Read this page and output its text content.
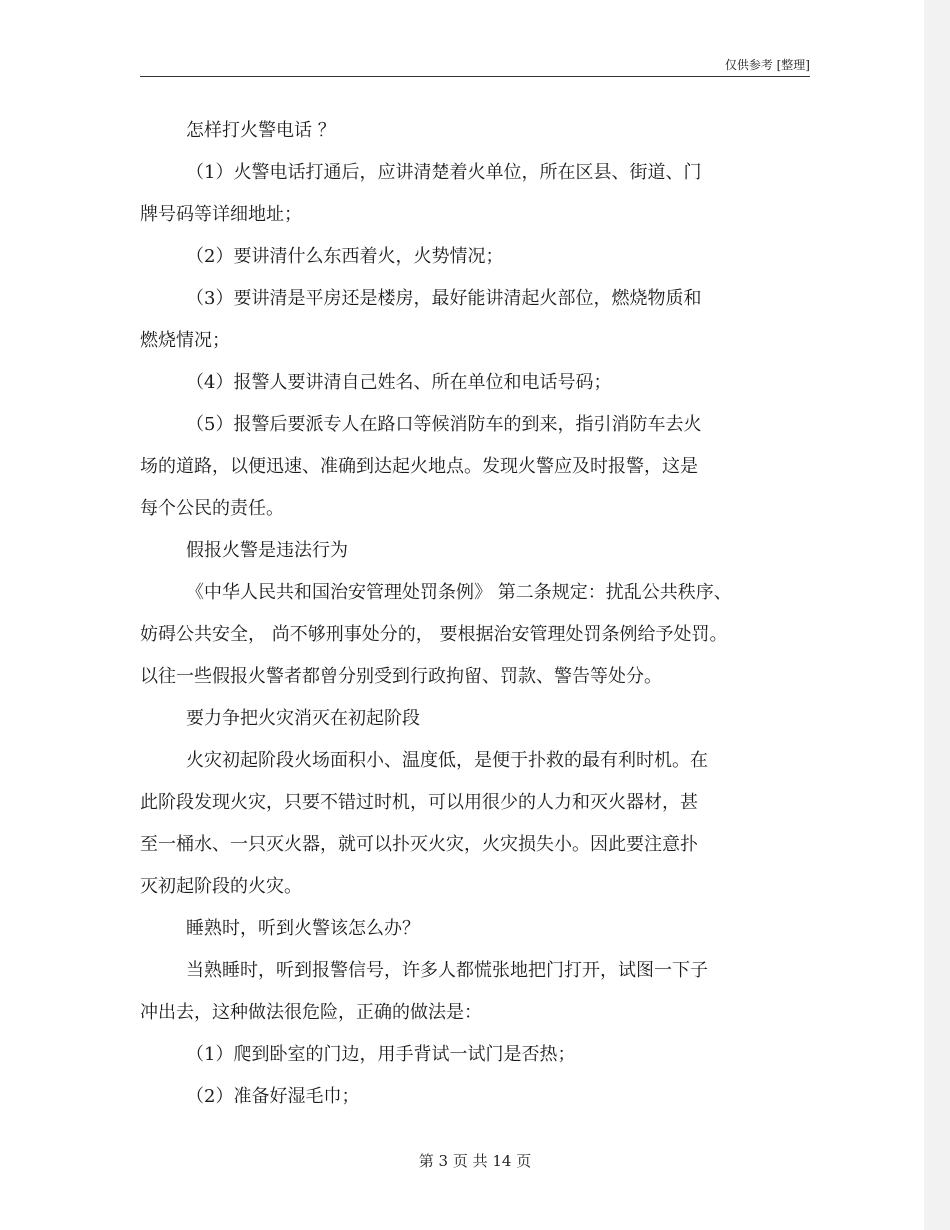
仅供参考 [整理]

怎样打火警电话 ？

（1）火警电话打通后，应讲清楚着火单位，所在区县、街道、门

牌号码等详细地址；

（2）要讲清什么东西着火，火势情况；

（3）要讲清是平房还是楼房，最好能讲清起火部位，燃烧物质和

燃烧情况；

（4）报警人要讲清自己姓名、所在单位和电话号码；

（5）报警后要派专人在路口等候消防车的到来，指引消防车去火

场的道路，以便迅速、准确到达起火地点。发现火警应及时报警，这是

每个公民的责任。

假报火警是违法行为

《中华人民共和国治安管理处罚条例》 第二条规定：扰乱公共秩序、

妨碍公共安全， 尚不够刑事处分的， 要根据治安管理处罚条例给予处罚。

以往一些假报火警者都曾分别受到行政拘留、罚款、警告等处分。

要力争把火灾消灭在初起阶段

火灾初起阶段火场面积小、温度低，是便于扑救的最有利时机。在

此阶段发现火灾，只要不错过时机，可以用很少的人力和灭火器材，甚

至一桶水、一只灭火器，就可以扑灭火灾，火灾损失小。因此要注意扑

灭初起阶段的火灾。

睡熟时，听到火警该怎么办？

当熟睡时，听到报警信号，许多人都慌张地把门打开，试图一下子

冲出去，这种做法很危险，正确的做法是：

（1）爬到卧室的门边，用手背试一试门是否热；

（2）准备好湿毛巾；

第 3 页 共 14 页
